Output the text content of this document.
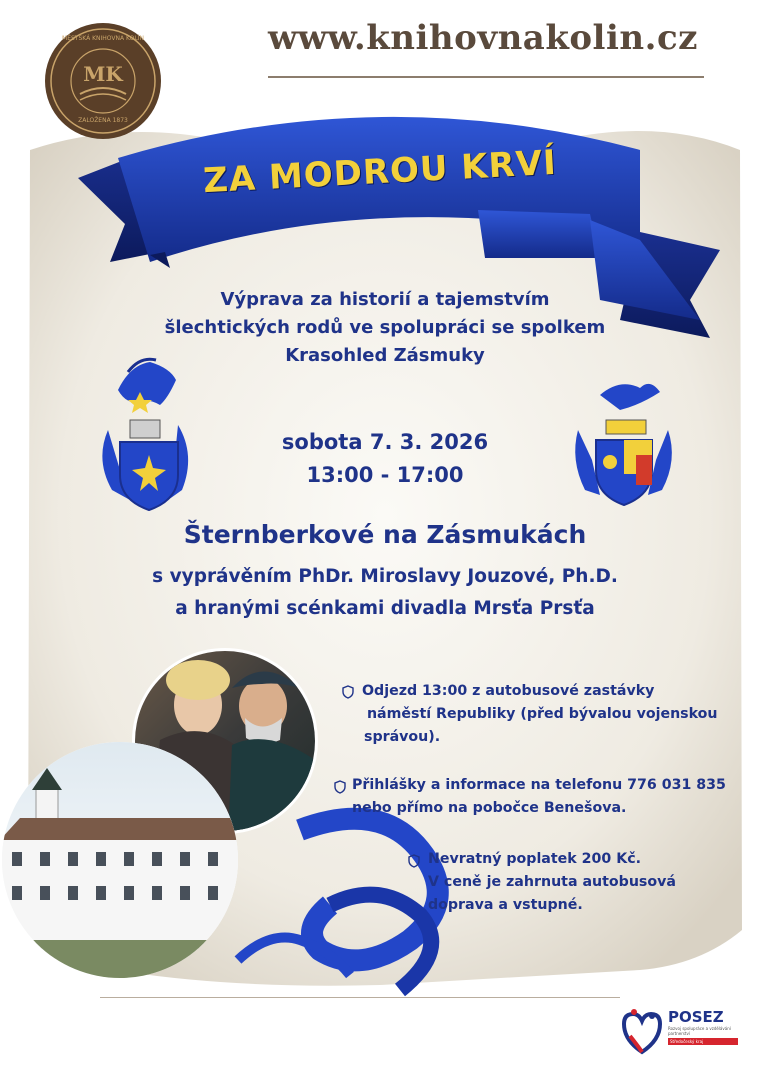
MK
MĚSTSKÁ KNIHOVNA KOLÍN
ZALOŽENA 1873
www.knihovnakolin.cz
ZA MODROU KRVÍ
Výprava za historií a tajemstvím
šlechtických rodů ve spolupráci se spolkem
Krasohled Zásmuky
sobota 7. 3. 2026
13:00 - 17:00
Šternberkové na Zásmukách
s vyprávěním PhDr. Miroslavy Jouzové, Ph.D.
a hranými scénkami divadla Mrsťa Prsťa
Odjezd 13:00 z autobusové zastávky
náměstí Republiky (před bývalou vojenskou
správou).
Přihlášky a informace na telefonu 776 031 835
nebo přímo na pobočce Benešova.
Nevratný poplatek 200 Kč.
V ceně je zahrnuta autobusová
doprava a vstupné.
POSEZ
Rozvoj spolupráce a vzdělávání partnerství
Středočeský kraj
